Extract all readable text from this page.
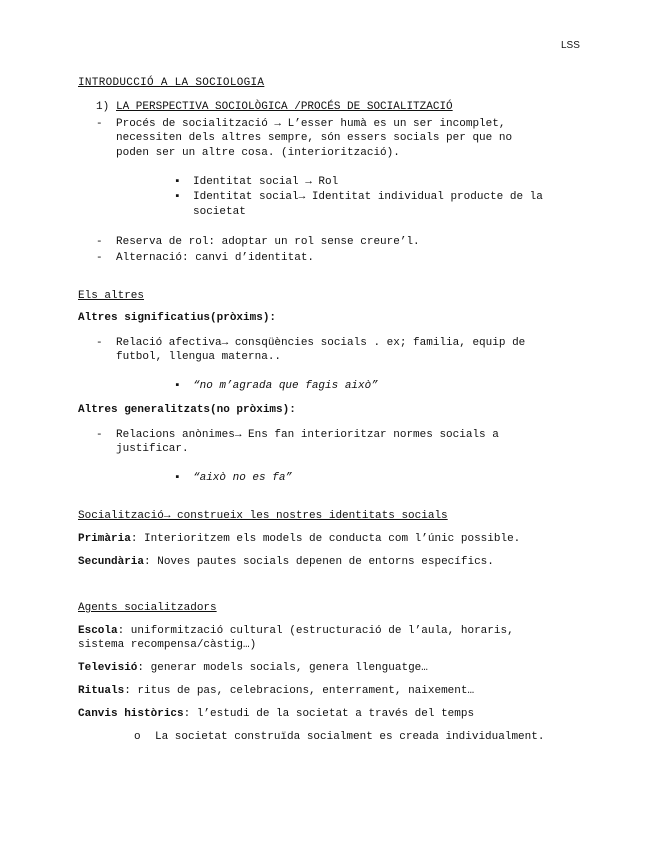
LSS
INTRODUCCIÓ A LA SOCIOLOGIA
1) LA PERSPECTIVA SOCIOLÒGICA /PROCÉS DE SOCIALITZACIÓ
- Procés de socialització → L’esser humà es un ser incomplet,
necessiten dels altres sempre, són essers socials per que no
poden ser un altre cosa. (interiorització).
▪ Identitat social → Rol
▪ Identitat social→ Identitat individual producte de la
societat
- Reserva de rol: adoptar un rol sense creure’l.
- Alternació: canvi d’identitat.
Els altres
Altres significatius(pròxims):
- Relació afectiva→ consqüències socials . ex; familia, equip de
futbol, llengua materna..
▪ “no m’agrada que fagis això”
Altres generalitzats(no pròxims):
- Relacions anònimes→ Ens fan interioritzar normes socials a
justificar.
▪ “això no es fa”
Socialització→ construeix les nostres identitats socials
Primària: Interioritzem els models de conducta com l’únic possible.
Secundària: Noves pautes socials depenen de entorns específics.
Agents socialitzadors
Escola: uniformització cultural (estructuració de l’aula, horaris,
sistema recompensa/càstig…)
Televisió: generar models socials, genera llenguatge…
Rituals: ritus de pas, celebracions, enterrament, naixement…
Canvis històrics: l’estudi de la societat a través del temps
o La societat construïda socialment es creada individualment.
